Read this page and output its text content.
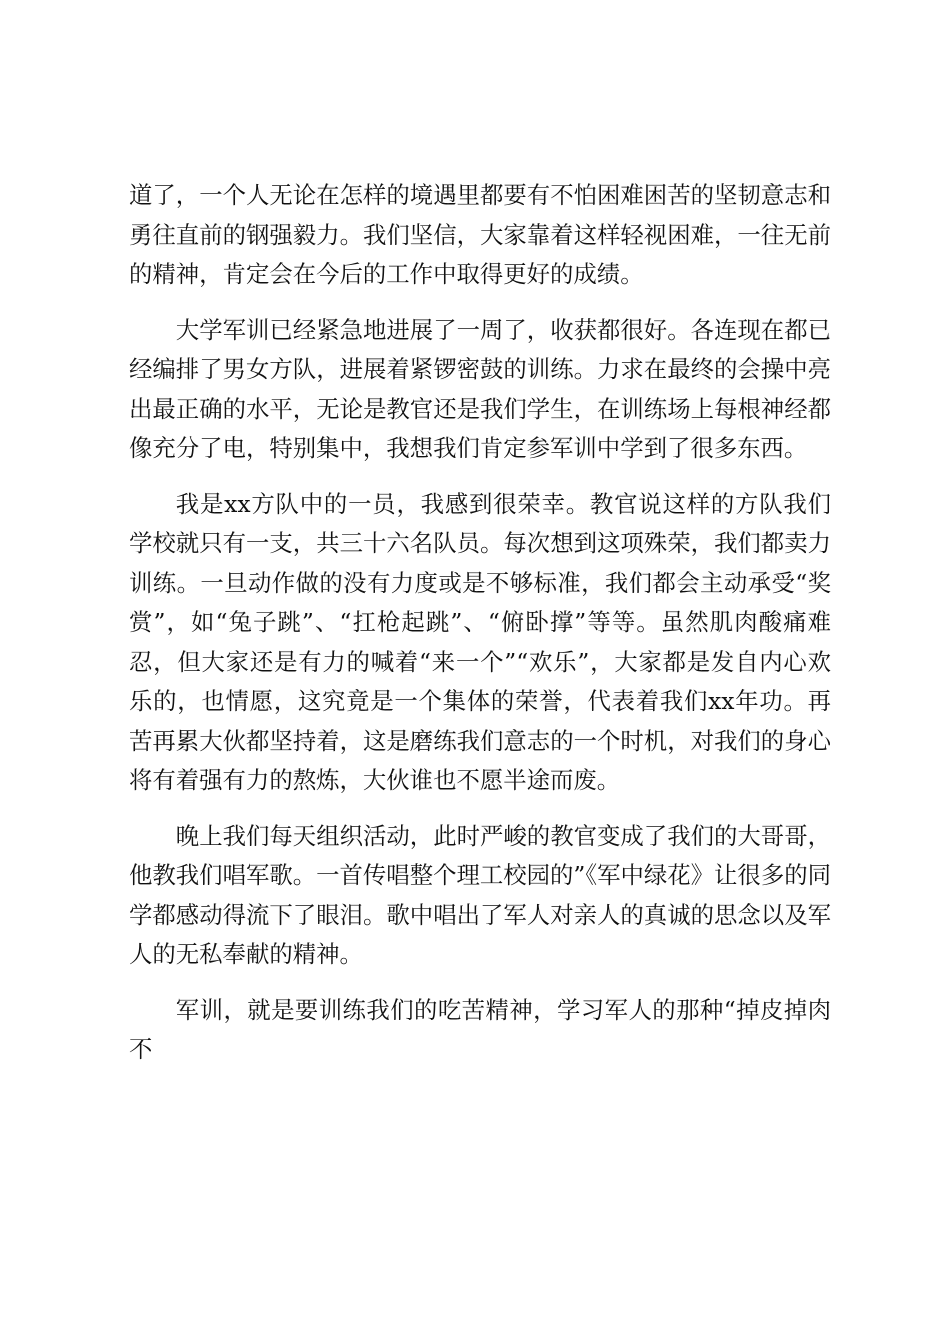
道了，一个人无论在怎样的境遇里都要有不怕困难困苦的坚韧意志和勇往直前的钢强毅力。我们坚信，大家靠着这样轻视困难，一往无前的精神，肯定会在今后的工作中取得更好的成绩。

大学军训已经紧急地进展了一周了，收获都很好。各连现在都已经编排了男女方队，进展着紧锣密鼓的训练。力求在最终的会操中亮出最正确的水平，无论是教官还是我们学生，在训练场上每根神经都像充分了电，特别集中，我想我们肯定参军训中学到了很多东西。

我是xx方队中的一员，我感到很荣幸。教官说这样的方队我们学校就只有一支，共三十六名队员。每次想到这项殊荣，我们都卖力训练。一旦动作做的没有力度或是不够标准，我们都会主动承受“奖赏”，如“兔子跳”、“扛枪起跳”、“俯卧撑”等等。虽然肌肉酸痛难忍，但大家还是有力的喊着“来一个”“欢乐”，大家都是发自内心欢乐的，也情愿，这究竟是一个集体的荣誉，代表着我们xx年功。再苦再累大伙都坚持着，这是磨练我们意志的一个时机，对我们的身心将有着强有力的熬炼，大伙谁也不愿半途而废。

晚上我们每天组织活动，此时严峻的教官变成了我们的大哥哥，他教我们唱军歌。一首传唱整个理工校园的”《军中绿花》让很多的同学都感动得流下了眼泪。歌中唱出了军人对亲人的真诚的思念以及军人的无私奉献的精神。

军训，就是要训练我们的吃苦精神，学习军人的那种“掉皮掉肉不
